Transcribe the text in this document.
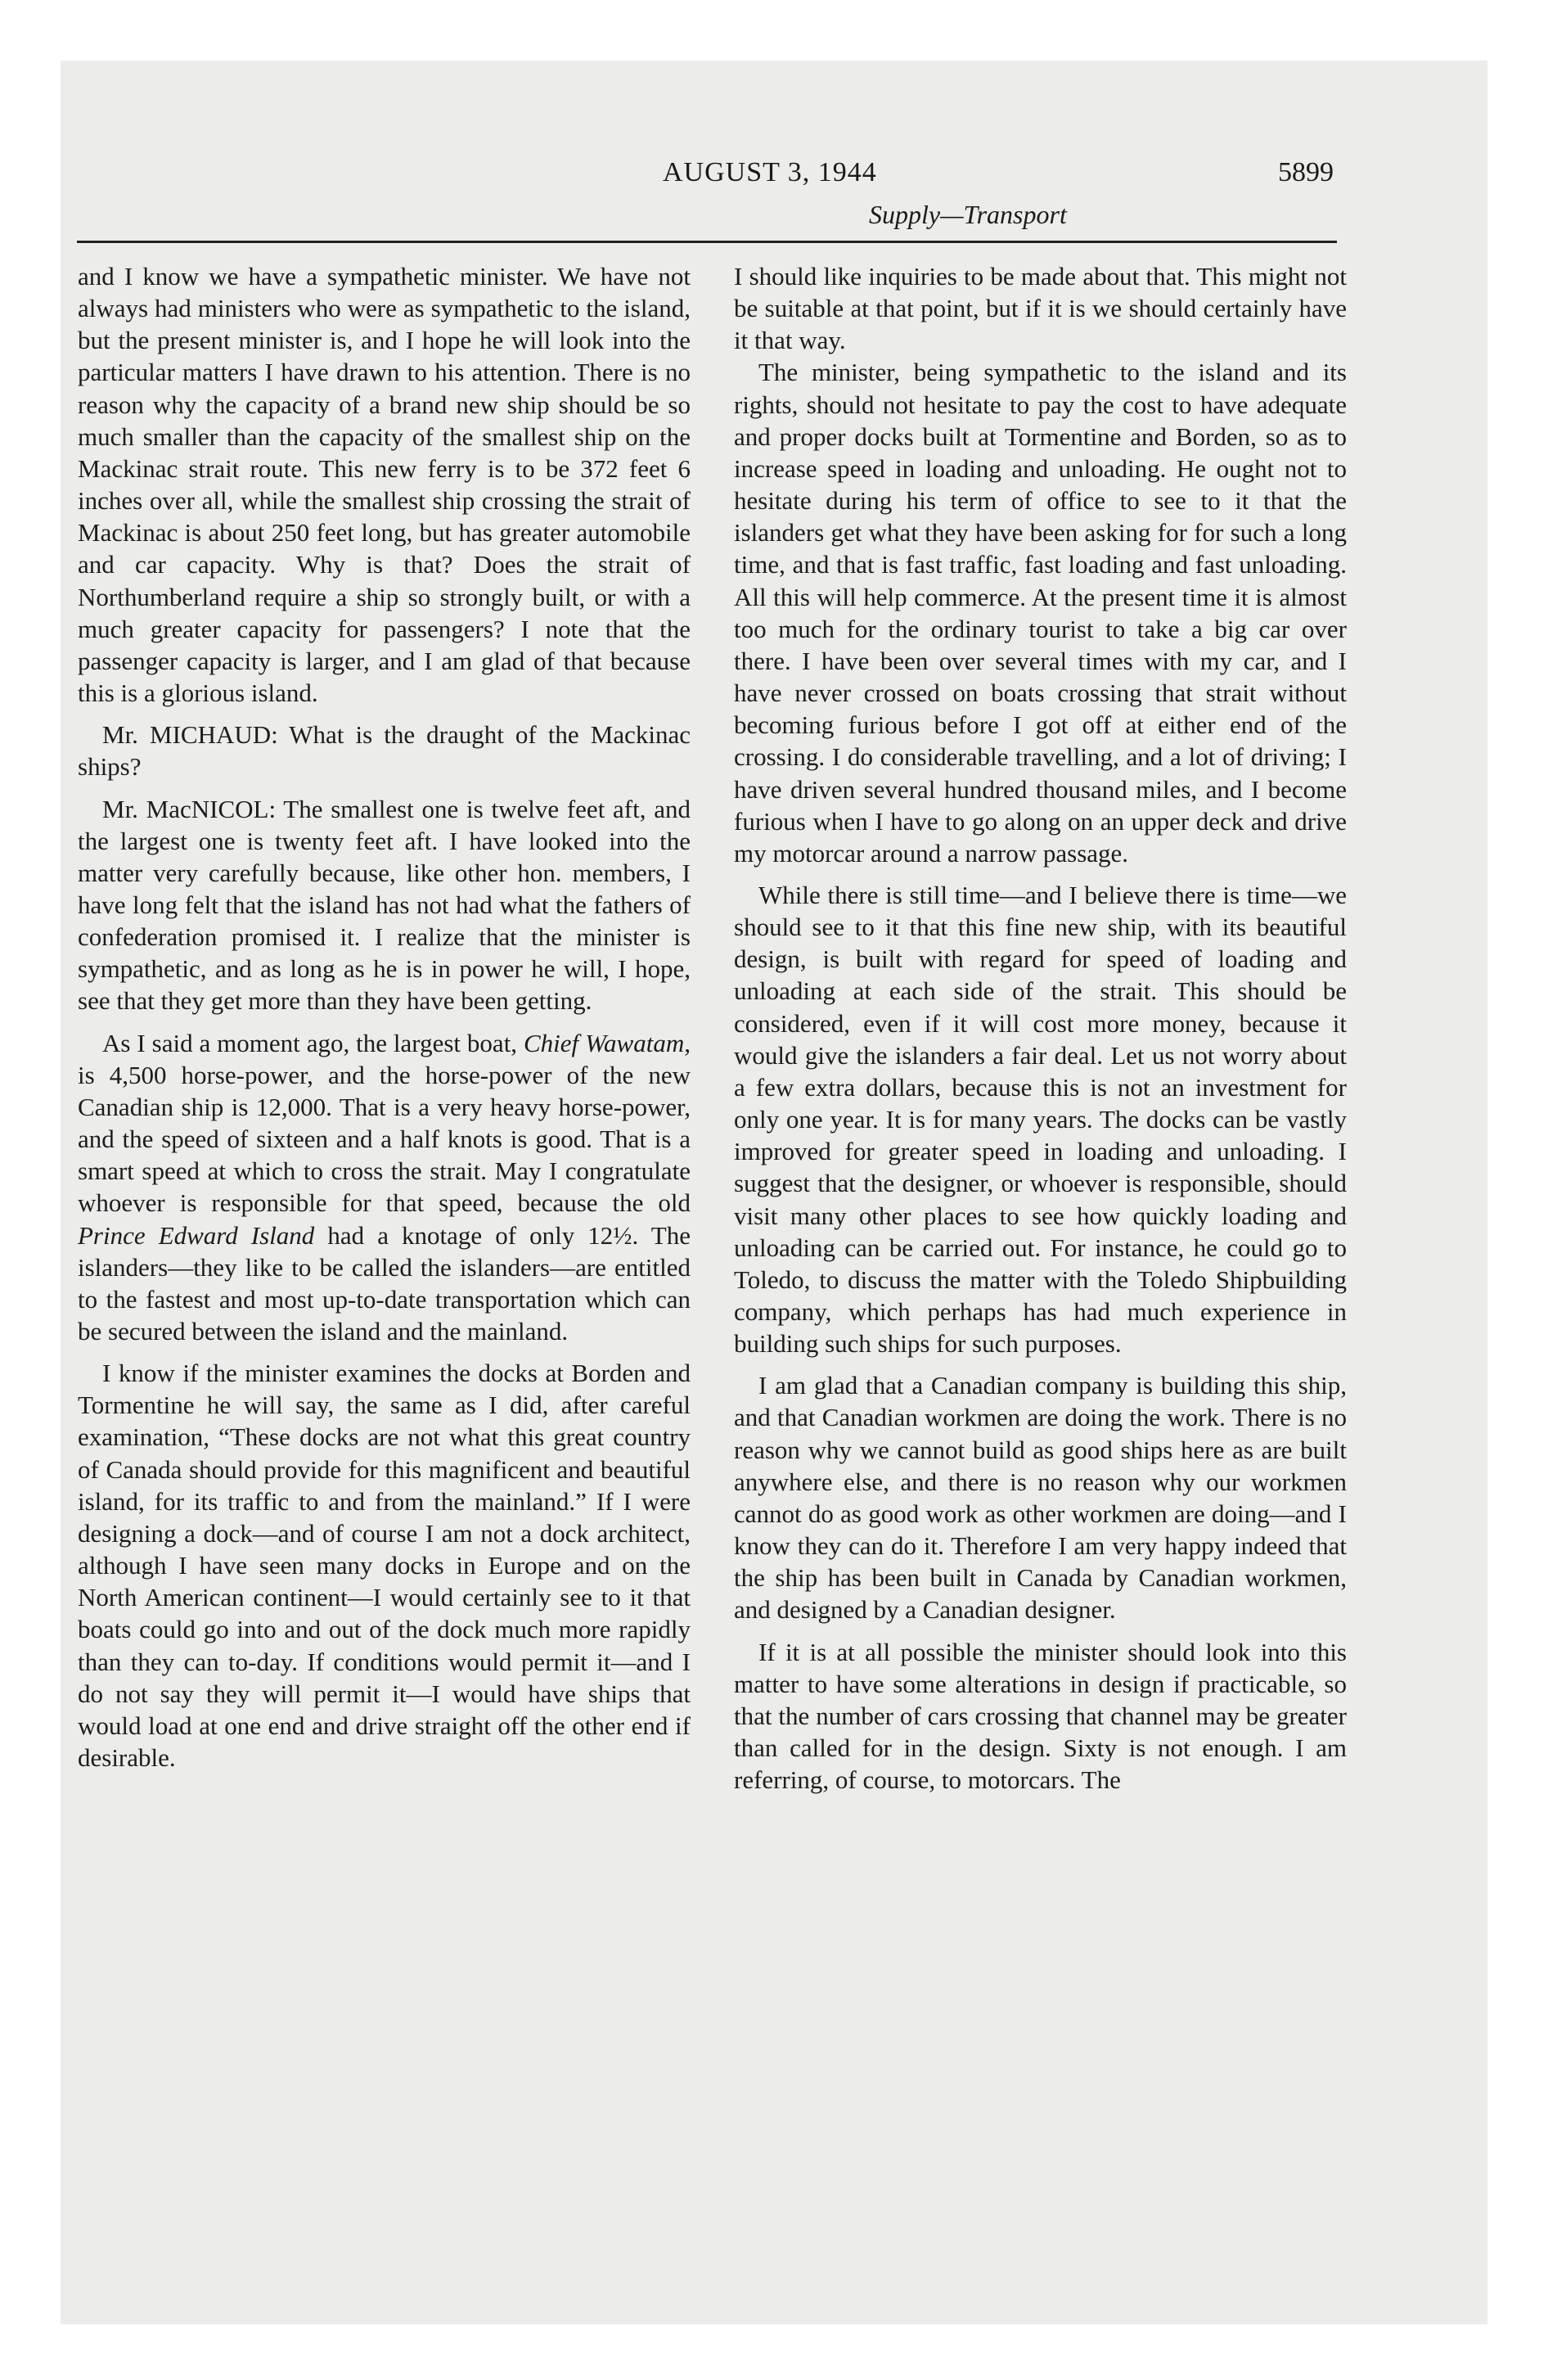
AUGUST 3, 1944	5899
Supply—Transport

and I know we have a sympathetic minister. We have not always had ministers who were as sympathetic to the island, but the present minister is, and I hope he will look into the particular matters I have drawn to his attention. There is no reason why the capacity of a brand new ship should be so much smaller than the capacity of the smallest ship on the Mackinac strait route. This new ferry is to be 372 feet 6 inches over all, while the smallest ship crossing the strait of Mackinac is about 250 feet long, but has greater automobile and car capacity. Why is that? Does the strait of Northumberland require a ship so strongly built, or with a much greater capacity for passengers? I note that the passenger capacity is larger, and I am glad of that because this is a glorious island.

Mr. MICHAUD: What is the draught of the Mackinac ships?

Mr. MacNICOL: The smallest one is twelve feet aft, and the largest one is twenty feet aft. I have looked into the matter very carefully because, like other hon. members, I have long felt that the island has not had what the fathers of confederation promised it. I realize that the minister is sympathetic, and as long as he is in power he will, I hope, see that they get more than they have been getting.

As I said a moment ago, the largest boat, Chief Wawatam, is 4,500 horse-power, and the horse-power of the new Canadian ship is 12,000. That is a very heavy horse-power, and the speed of sixteen and a half knots is good. That is a smart speed at which to cross the strait. May I congratulate whoever is responsible for that speed, because the old Prince Edward Island had a knotage of only 12½. The islanders—they like to be called the islanders—are entitled to the fastest and most up-to-date transportation which can be secured between the island and the mainland.

I know if the minister examines the docks at Borden and Tormentine he will say, the same as I did, after careful examination, “These docks are not what this great country of Canada should provide for this magnificent and beautiful island, for its traffic to and from the mainland.” If I were designing a dock—and of course I am not a dock architect, although I have seen many docks in Europe and on the North American continent—I would certainly see to it that boats could go into and out of the dock much more rapidly than they can to-day. If conditions would permit it—and I do not say they will permit it—I would have ships that would load at one end and drive straight off the other end if desirable.

I should like inquiries to be made about that. This might not be suitable at that point, but if it is we should certainly have it that way.

The minister, being sympathetic to the island and its rights, should not hesitate to pay the cost to have adequate and proper docks built at Tormentine and Borden, so as to increase speed in loading and unloading. He ought not to hesitate during his term of office to see to it that the islanders get what they have been asking for for such a long time, and that is fast traffic, fast loading and fast unloading. All this will help commerce. At the present time it is almost too much for the ordinary tourist to take a big car over there. I have been over several times with my car, and I have never crossed on boats crossing that strait without becoming furious before I got off at either end of the crossing. I do considerable travelling, and a lot of driving; I have driven several hundred thousand miles, and I become furious when I have to go along on an upper deck and drive my motorcar around a narrow passage.

While there is still time—and I believe there is time—we should see to it that this fine new ship, with its beautiful design, is built with regard for speed of loading and unloading at each side of the strait. This should be considered, even if it will cost more money, because it would give the islanders a fair deal. Let us not worry about a few extra dollars, because this is not an investment for only one year. It is for many years. The docks can be vastly improved for greater speed in loading and unloading. I suggest that the designer, or whoever is responsible, should visit many other places to see how quickly loading and unloading can be carried out. For instance, he could go to Toledo, to discuss the matter with the Toledo Shipbuilding company, which perhaps has had much experience in building such ships for such purposes.

I am glad that a Canadian company is building this ship, and that Canadian workmen are doing the work. There is no reason why we cannot build as good ships here as are built anywhere else, and there is no reason why our workmen cannot do as good work as other workmen are doing—and I know they can do it. Therefore I am very happy indeed that the ship has been built in Canada by Canadian workmen, and designed by a Canadian designer.

If it is at all possible the minister should look into this matter to have some alterations in design if practicable, so that the number of cars crossing that channel may be greater than called for in the design. Sixty is not enough. I am referring, of course, to motorcars. The
